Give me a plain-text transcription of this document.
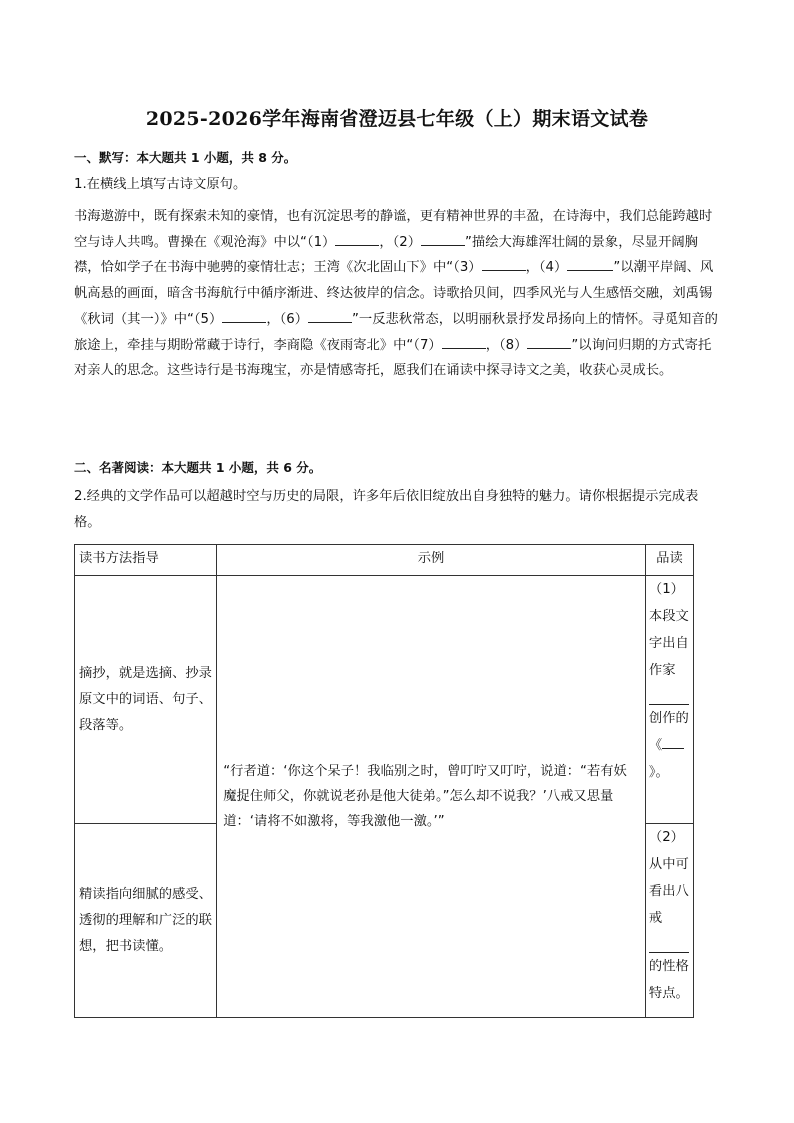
2025-2026学年海南省澄迈县七年级（上）期末语文试卷
一、默写：本大题共 1 小题，共 8 分。
1.在横线上填写古诗文原句。
书海遨游中，既有探索未知的豪情，也有沉淀思考的静谧，更有精神世界的丰盈，在诗海中，我们总能跨越时空与诗人共鸣。曹操在《观沧海》中以“（1）	，（2）	”描绘大海雄浑壮阔的景象，尽显开阔胸襟，恰如学子在书海中驰骋的豪情壮志；王湾《次北固山下》中“（3）	，（4）	”以潮平岸阔、风帆高悬的画面，暗含书海航行中循序渐进、终达彼岸的信念。诗歌拾贝间，四季风光与人生感悟交融，刘禹锡《秋词（其一）》中“（5）	，（6）	”一反悲秋常态，以明丽秋景抒发昂扬向上的情怀。寻觅知音的旅途上，牵挂与期盼常藏于诗行，李商隐《夜雨寄北》中“（7）	，（8）	”以询问归期的方式寄托对亲人的思念。这些诗行是书海瑰宝，亦是情感寄托，愿我们在诵读中探寻诗文之美，收获心灵成长。
二、名著阅读：本大题共 1 小题，共 6 分。
2.经典的文学作品可以超越时空与历史的局限，许多年后依旧绽放出自身独特的魅力。请你根据提示完成表格。
读书方法指导	示例	品读
摘抄，就是选摘、抄录原文中的词语、句子、段落等。	“行者道：‘你这个呆子！我临别之时，曾叮咛又叮咛，说道：“若有妖魔捉住师父，你就说老孙是他大徒弟。”怎么却不说我？’八戒又思量道：‘请将不如激将，等我激他一激。’”	（1）本段文字出自作家
创作的《》。
精读指向细腻的感受、透彻的理解和广泛的联想，把书读懂。		（2）从中可看出八戒
的性格特点。
